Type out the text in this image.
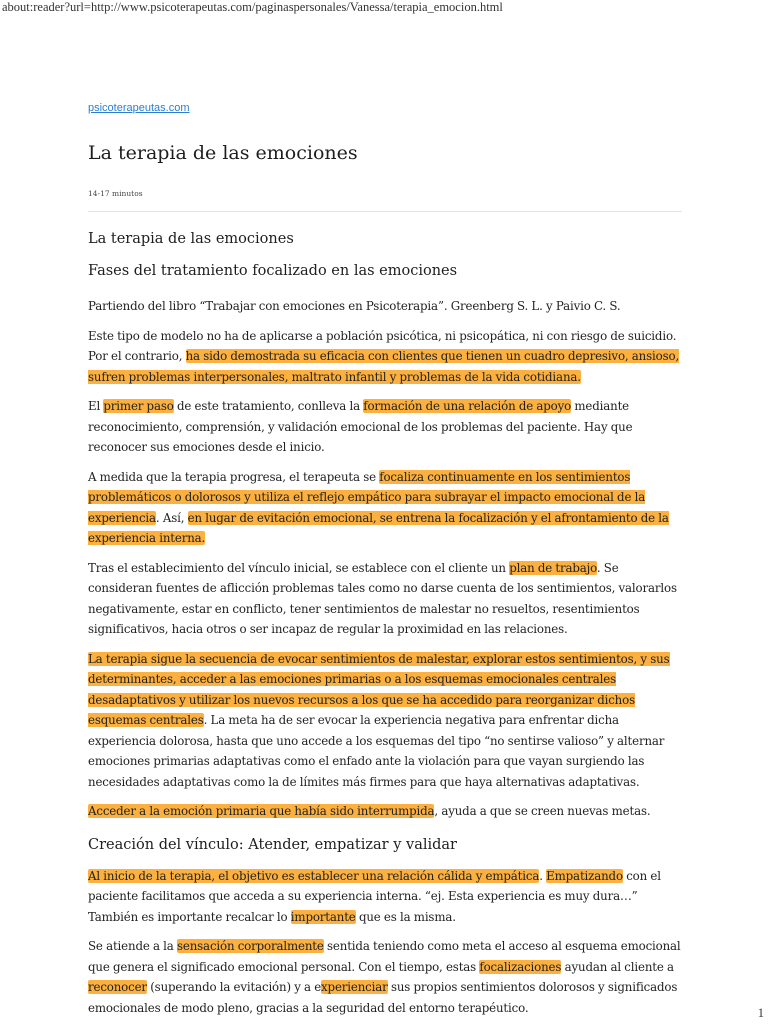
about:reader?url=http://www.psicoterapeutas.com/paginaspersonales/Vanessa/terapia_emocion.html
psicoterapeutas.com
La terapia de las emociones
14-17 minutos
La terapia de las emociones
Fases del tratamiento focalizado en las emociones

Partiendo del libro “Trabajar con emociones en Psicoterapia”. Greenberg S. L. y Paivio C. S.

Este tipo de modelo no ha de aplicarse a población psicótica, ni psicopática, ni con riesgo de suicidio. Por el contrario, ha sido demostrada su eficacia con clientes que tienen un cuadro depresivo, ansioso, sufren problemas interpersonales, maltrato infantil y problemas de la vida cotidiana.

El primer paso de este tratamiento, conlleva la formación de una relación de apoyo mediante reconocimiento, comprensión, y validación emocional de los problemas del paciente. Hay que reconocer sus emociones desde el inicio.

A medida que la terapia progresa, el terapeuta se focaliza continuamente en los sentimientos problemáticos o dolorosos y utiliza el reflejo empático para subrayar el impacto emocional de la experiencia. Así, en lugar de evitación emocional, se entrena la focalización y el afrontamiento de la experiencia interna.

Tras el establecimiento del vínculo inicial, se establece con el cliente un plan de trabajo. Se consideran fuentes de aflicción problemas tales como no darse cuenta de los sentimientos, valorarlos negativamente, estar en conflicto, tener sentimientos de malestar no resueltos, resentimientos significativos, hacia otros o ser incapaz de regular la proximidad en las relaciones.

La terapia sigue la secuencia de evocar sentimientos de malestar, explorar estos sentimientos, y sus determinantes, acceder a las emociones primarias o a los esquemas emocionales centrales desadaptativos y utilizar los nuevos recursos a los que se ha accedido para reorganizar dichos esquemas centrales. La meta ha de ser evocar la experiencia negativa para enfrentar dicha experiencia dolorosa, hasta que uno accede a los esquemas del tipo “no sentirse valioso” y alternar emociones primarias adaptativas como el enfado ante la violación para que vayan surgiendo las necesidades adaptativas como la de límites más firmes para que haya alternativas adaptativas.

Acceder a la emoción primaria que había sido interrumpida, ayuda a que se creen nuevas metas.

Creación del vínculo: Atender, empatizar y validar

Al inicio de la terapia, el objetivo es establecer una relación cálida y empática. Empatizando con el paciente facilitamos que acceda a su experiencia interna. “ej. Esta experiencia es muy dura…” También es importante recalcar lo importante que es la misma.

Se atiende a la sensación corporalmente sentida teniendo como meta el acceso al esquema emocional que genera el significado emocional personal. Con el tiempo, estas focalizaciones ayudan al cliente a reconocer (superando la evitación) y a experienciar sus propios sentimientos dolorosos y significados emocionales de modo pleno, gracias a la seguridad del entorno terapéutico.	1
